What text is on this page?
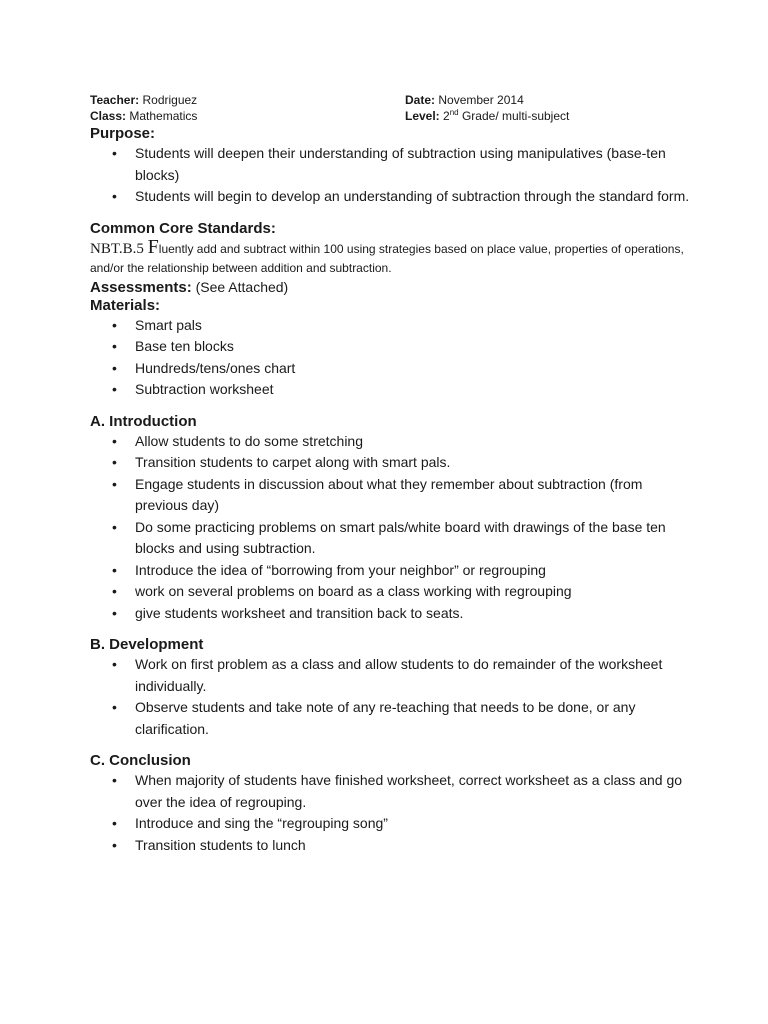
Teacher: Rodriguez
Class: Mathematics
Date: November 2014
Level: 2nd Grade/ multi-subject

Purpose:

• Students will deepen their understanding of subtraction using manipulatives (base-ten blocks)
• Students will begin to develop an understanding of subtraction through the standard form.

Common Core Standards:

NBT.B.5 Fluently add and subtract within 100 using strategies based on place value, properties of operations, and/or the relationship between addition and subtraction.

Assessments: (See Attached)

Materials:

• Smart pals
• Base ten blocks
• Hundreds/tens/ones chart
• Subtraction worksheet

A. Introduction

• Allow students to do some stretching
• Transition students to carpet along with smart pals.
• Engage students in discussion about what they remember about subtraction (from previous day)
• Do some practicing problems on smart pals/white board with drawings of the base ten blocks and using subtraction.
• Introduce the idea of “borrowing from your neighbor” or regrouping
• work on several problems on board as a class working with regrouping
• give students worksheet and transition back to seats.

B. Development

• Work on first problem as a class and allow students to do remainder of the worksheet individually.
• Observe students and take note of any re-teaching that needs to be done, or any clarification.

C. Conclusion

• When majority of students have finished worksheet, correct worksheet as a class and go over the idea of regrouping.
• Introduce and sing the “regrouping song”
• Transition students to lunch
